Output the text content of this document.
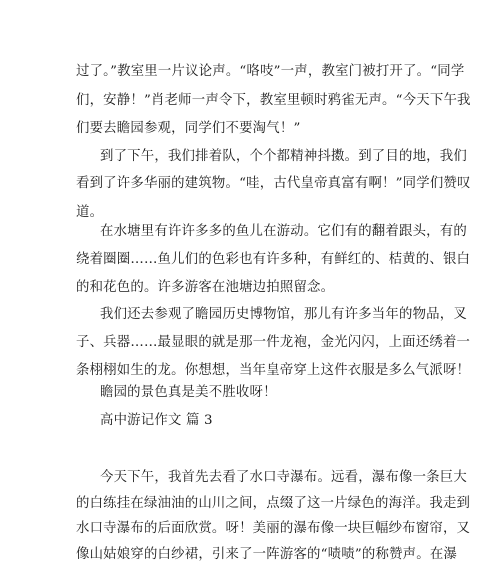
过了。”教室里一片议论声。“咯吱”一声，教室门被打开了。“同学
们，安静！”肖老师一声令下，教室里顿时鸦雀无声。“今天下午我
们要去瞻园参观，同学们不要淘气！”
到了下午，我们排着队，个个都精神抖擞。到了目的地，我们
看到了许多华丽的建筑物。“哇，古代皇帝真富有啊！”同学们赞叹
道。
在水塘里有许许多多的鱼儿在游动。它们有的翻着跟头，有的
绕着圈圈……鱼儿们的色彩也有许多种，有鲜红的、桔黄的、银白
的和花色的。许多游客在池塘边拍照留念。
我们还去参观了瞻园历史博物馆，那儿有许多当年的物品，叉
子、兵器……最显眼的就是那一件龙袍，金光闪闪，上面还绣着一
条栩栩如生的龙。你想想，当年皇帝穿上这件衣服是多么气派呀！
瞻园的景色真是美不胜收呀！
高中游记作文 篇 3
今天下午，我首先去看了水口寺瀑布。远看，瀑布像一条巨大
的白练挂在绿油油的山川之间，点缀了这一片绿色的海洋。我走到
水口寺瀑布的后面欣赏。呀！美丽的瀑布像一块巨幅纱布窗帘，又
像山姑娘穿的白纱裙，引来了一阵游客的“啧啧”的称赞声。在瀑
